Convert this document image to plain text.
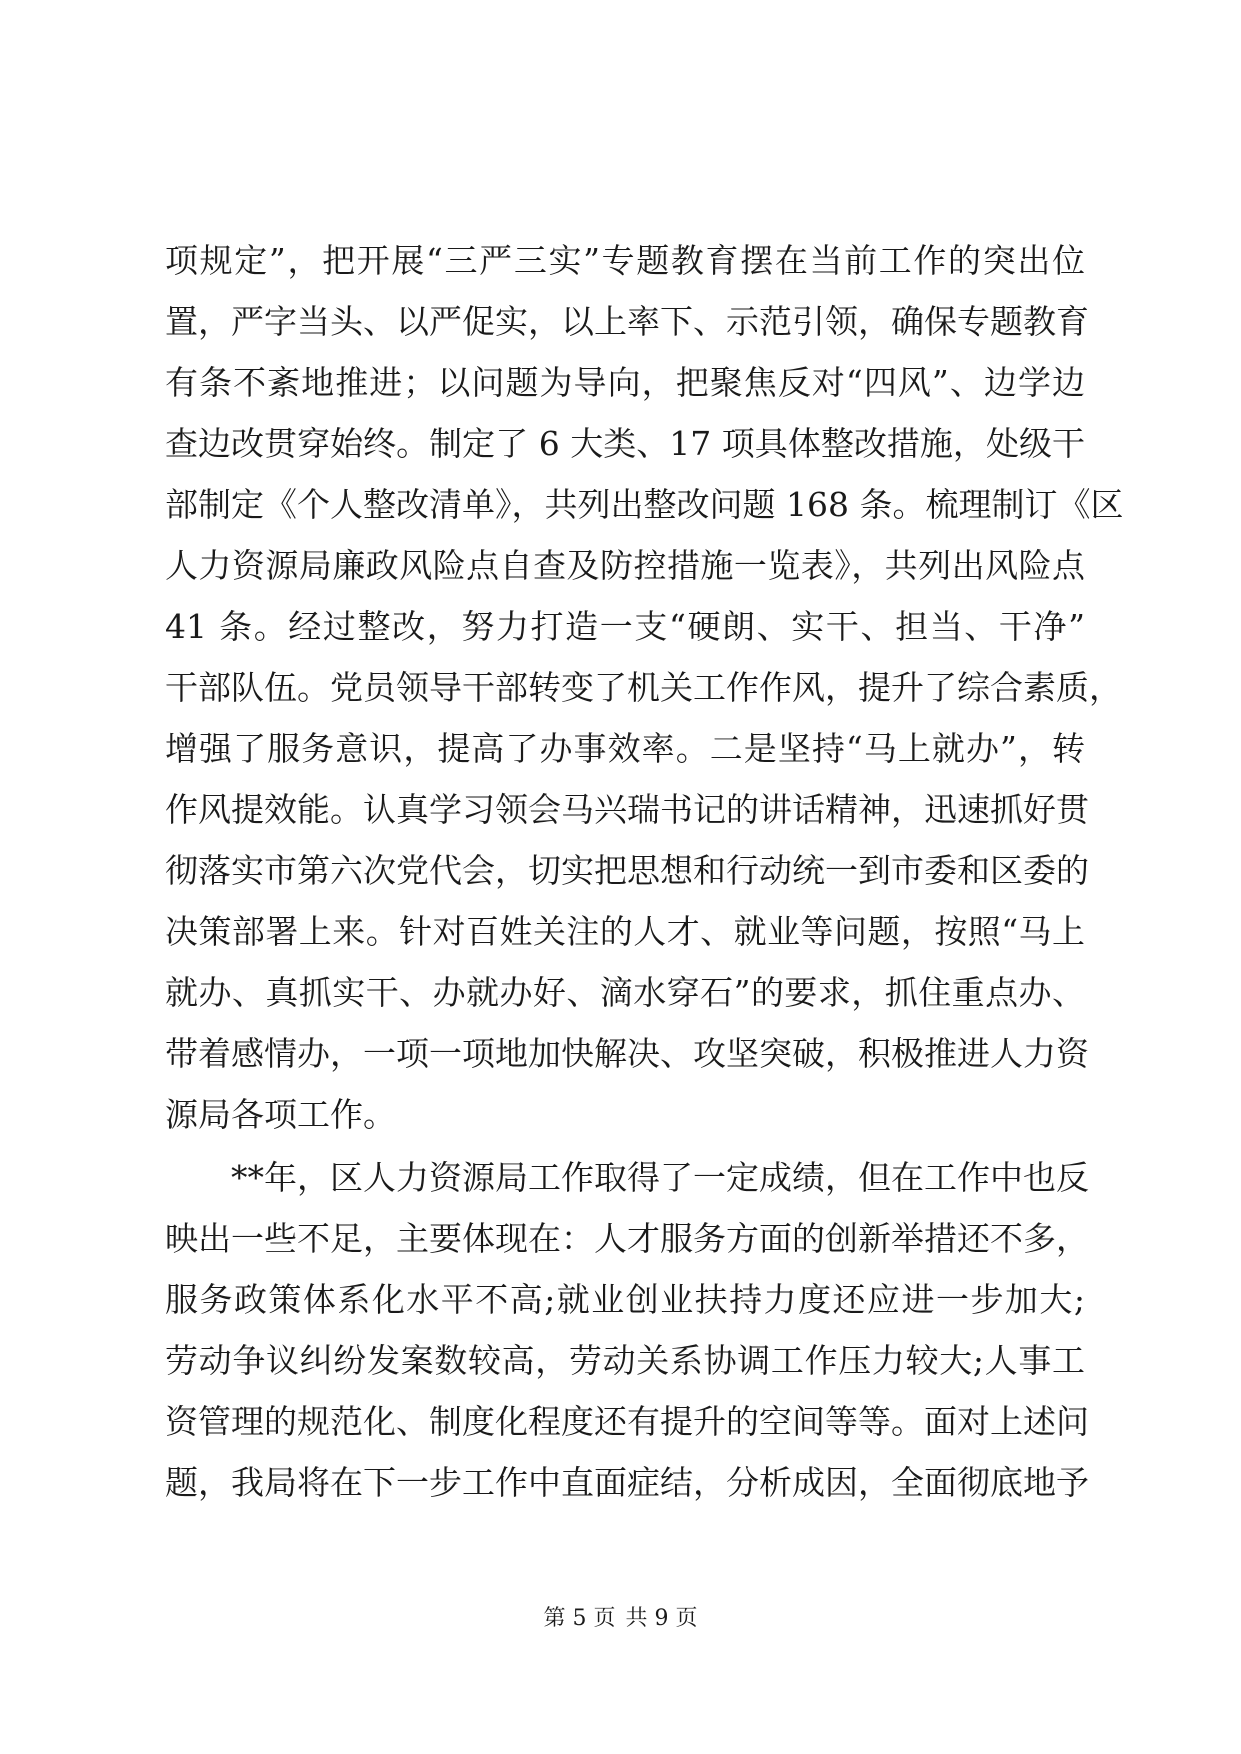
项规定”，把开展“三严三实”专题教育摆在当前工作的突出位
置，严字当头、以严促实，以上率下、示范引领，确保专题教育
有条不紊地推进；以问题为导向，把聚焦反对“四风”、边学边
查边改贯穿始终。制定了 6 大类、17 项具体整改措施，处级干
部制定《个人整改清单》，共列出整改问题 168 条。梳理制订《区
人力资源局廉政风险点自查及防控措施一览表》，共列出风险点
41 条。经过整改，努力打造一支“硬朗、实干、担当、干净”
干部队伍。党员领导干部转变了机关工作作风，提升了综合素质，
增强了服务意识，提高了办事效率。二是坚持“马上就办”，转
作风提效能。认真学习领会马兴瑞书记的讲话精神，迅速抓好贯
彻落实市第六次党代会，切实把思想和行动统一到市委和区委的
决策部署上来。针对百姓关注的人才、就业等问题，按照“马上
就办、真抓实干、办就办好、滴水穿石”的要求，抓住重点办、
带着感情办，一项一项地加快解决、攻坚突破，积极推进人力资
源局各项工作。
**年，区人力资源局工作取得了一定成绩，但在工作中也反
映出一些不足，主要体现在：人才服务方面的创新举措还不多，
服务政策体系化水平不高;就业创业扶持力度还应进一步加大;
劳动争议纠纷发案数较高，劳动关系协调工作压力较大;人事工
资管理的规范化、制度化程度还有提升的空间等等。面对上述问
题，我局将在下一步工作中直面症结，分析成因，全面彻底地予
第 5 页 共 9 页
